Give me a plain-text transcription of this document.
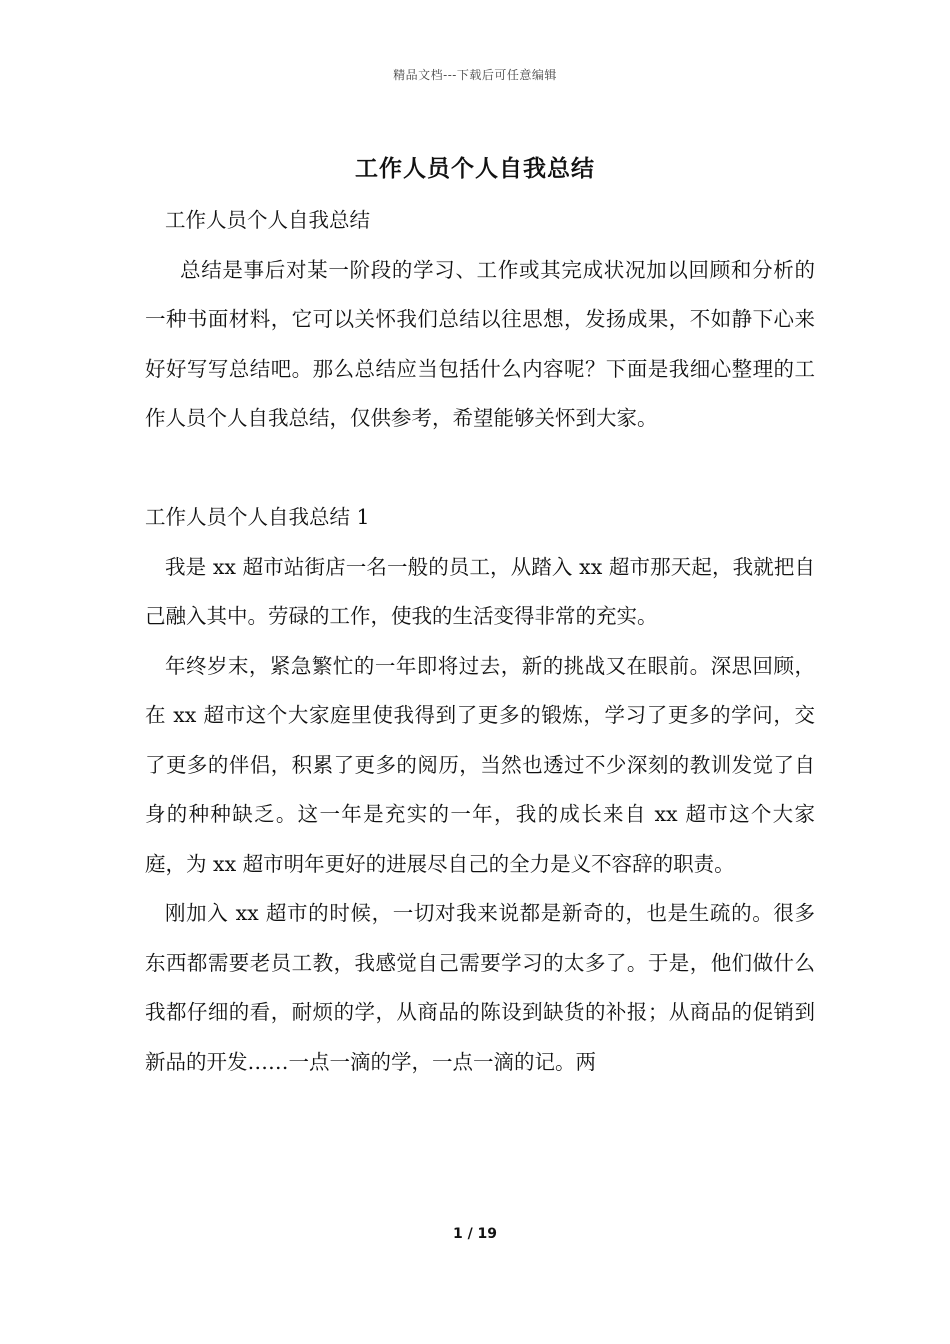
精品文档---下载后可任意编辑
工作人员个人自我总结

工作人员个人自我总结

总结是事后对某一阶段的学习、工作或其完成状况加以回顾和分析的一种书面材料，它可以关怀我们总结以往思想，发扬成果，不如静下心来好好写写总结吧。那么总结应当包括什么内容呢？下面是我细心整理的工作人员个人自我总结，仅供参考，希望能够关怀到大家。

工作人员个人自我总结 1

我是 xx 超市站街店一名一般的员工，从踏入 xx 超市那天起，我就把自己融入其中。劳碌的工作，使我的生活变得非常的充实。

年终岁末，紧急繁忙的一年即将过去，新的挑战又在眼前。深思回顾，在 xx 超市这个大家庭里使我得到了更多的锻炼，学习了更多的学问，交了更多的伴侣，积累了更多的阅历，当然也透过不少深刻的教训发觉了自身的种种缺乏。这一年是充实的一年，我的成长来自 xx 超市这个大家庭，为 xx 超市明年更好的进展尽自己的全力是义不容辞的职责。

刚加入 xx 超市的时候，一切对我来说都是新奇的，也是生疏的。很多东西都需要老员工教，我感觉自己需要学习的太多了。于是，他们做什么我都仔细的看，耐烦的学，从商品的陈设到缺货的补报；从商品的促销到新品的开发……一点一滴的学，一点一滴的记。两

1 / 19
